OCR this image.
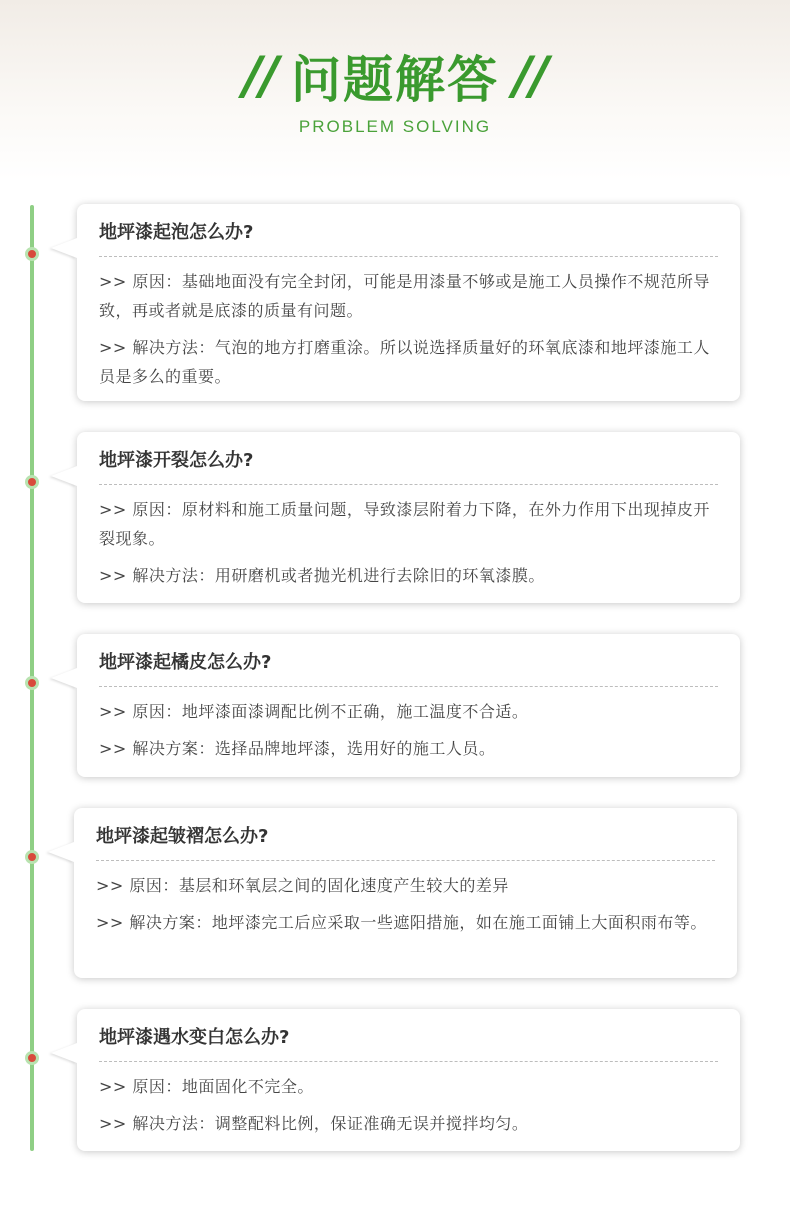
// 问题解答 //
PROBLEM SOLVING
地坪漆起泡怎么办?
>> 原因：基础地面没有完全封闭，可能是用漆量不够或是施工人员操作不规范所导致，再或者就是底漆的质量有问题。
>> 解决方法：气泡的地方打磨重涂。所以说选择质量好的环氧底漆和地坪漆施工人员是多么的重要。
地坪漆开裂怎么办?
>> 原因：原材料和施工质量问题，导致漆层附着力下降，在外力作用下出现掉皮开裂现象。
>> 解决方法：用研磨机或者抛光机进行去除旧的环氧漆膜。
地坪漆起橘皮怎么办?
>> 原因：地坪漆面漆调配比例不正确，施工温度不合适。
>> 解决方案：选择品牌地坪漆，选用好的施工人员。
地坪漆起皱褶怎么办?
>> 原因：基层和环氧层之间的固化速度产生较大的差异
>> 解决方案：地坪漆完工后应采取一些遮阳措施，如在施工面铺上大面积雨布等。
地坪漆遇水变白怎么办?
>> 原因：地面固化不完全。
>> 解决方法：调整配料比例，保证准确无误并搅拌均匀。
